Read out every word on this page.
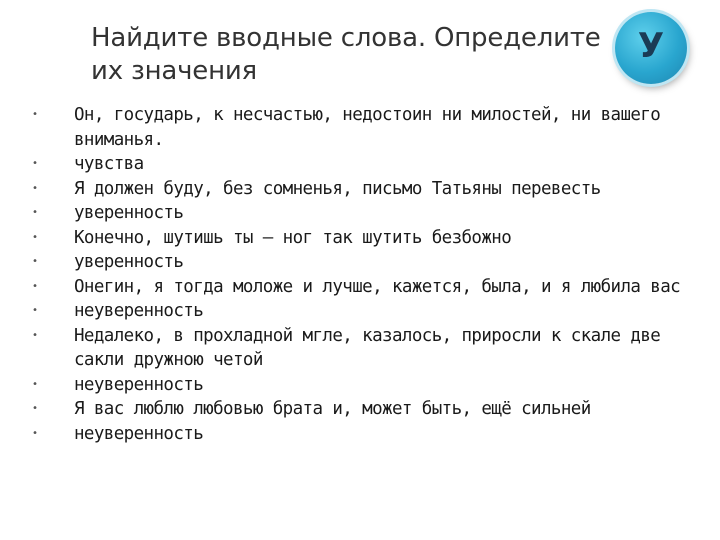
Найдите вводные слова. Определите
их значения
У
• Он, государь, к несчастью, недостоин ни милостей, ни вашего вниманья.
• чувства
• Я должен буду, без сомненья, письмо Татьяны перевесть
• уверенность
• Конечно, шутишь ты – ног так шутить безбожно
• уверенность
• Онегин, я тогда моложе и лучше, кажется, была, и я любила вас
• неуверенность
• Недалеко, в прохладной мгле, казалось, приросли к скале две сакли дружною четой
• неуверенность
• Я вас люблю любовью брата и, может быть, ещё сильней
• неуверенность
